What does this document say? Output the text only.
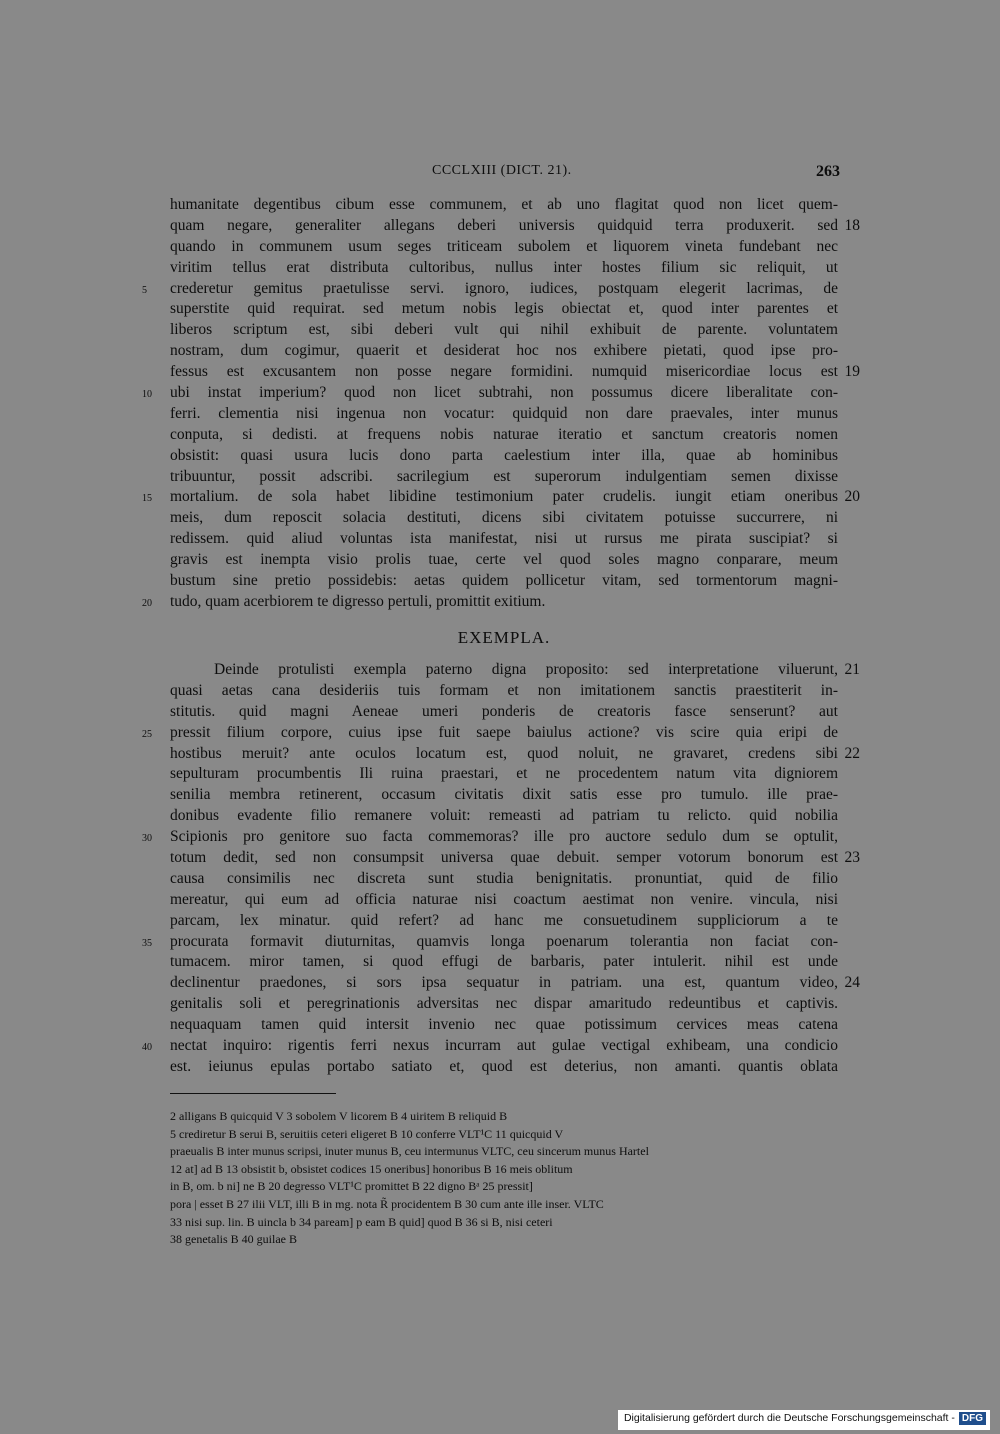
CCCLXIII (DICT. 21).	263
humanitate degentibus cibum esse communem, et ab uno flagitat quod non licet quem-
quam negare, generaliter allegans deberi universis quidquid terra produxerit. sed 18
quando in communem usum seges triticeam subolem et liquorem vineta fundebant nec
viritim tellus erat distributa cultoribus, nullus inter hostes filium sic reliquit, ut
crederetur gemitus praetulisse servi. ignoro, iudices, postquam elegerit lacrimas, de
5
superstite quid requirat. sed metum nobis legis obiectat et, quod inter parentes et
liberos scriptum est, sibi deberi vult qui nihil exhibuit de parente. voluntatem
nostram, dum cogimur, quaerit et desiderat hoc nos exhibere pietati, quod ipse pro-
fessus est excusantem non posse negare formidini. numquid misericordiae locus est 19
ubi instat imperium? quod non licet subtrahi, non possumus dicere liberalitate con-
10
ferri. clementia nisi ingenua non vocatur: quidquid non dare praevales, inter munus
conputa, si dedisti. at frequens nobis naturae iteratio et sanctum creatoris nomen
obsistit: quasi usura lucis dono parta caelestium inter illa, quae ab hominibus
tribuuntur, possit adscribi. sacrilegium est superorum indulgentiam semen dixisse
mortalium. de sola habet libidine testimonium pater crudelis. iungit etiam oneribus
15	20
meis, dum reposcit solacia destituti, dicens sibi civitatem potuisse succurrere, ni
redissem. quid aliud voluntas ista manifestat, nisi ut rursus me pirata suscipiat? si
gravis est inempta visio prolis tuae, certe vel quod soles magno conparare, meum
bustum sine pretio possidebis: aetas quidem pollicetur vitam, sed tormentorum magni-
tudo, quam acerbiorem te digresso pertuli, promittit exitium.
20
EXEMPLA.
Deinde protulisti exempla paterno digna proposito: sed interpretatione viluerunt, 21
quasi aetas cana desideriis tuis formam et non imitationem sanctis praestiterit in-
stitutis. quid magni Aeneae umeri ponderis de creatoris fasce senserunt? aut
pressit filium corpore, cuius ipse fuit saepe baiulus actione? vis scire quia eripi de
25
hostibus meruit? ante oculos locatum est, quod noluit, ne gravaret, credens sibi 22
sepulturam procumbentis Ili ruina praestari, et ne procedentem natum vita digniorem
senilia membra retinerent, occasum civitatis dixit satis esse pro tumulo. ille prae-
donibus evadente filio remanere voluit: remeasti ad patriam tu relicto. quid nobilia
Scipionis pro genitore suo facta commemoras? ille pro auctore sedulo dum se optulit,
30
totum dedit, sed non consumpsit universa quae debuit. semper votorum bonorum est 23
causa consimilis nec discreta sunt studia benignitatis. pronuntiat, quid de filio
mereatur, qui eum ad officia naturae nisi coactum aestimat non venire. vincula, nisi
parcam, lex minatur. quid refert? ad hanc me consuetudinem suppliciorum a te
procurata formavit diuturnitas, quamvis longa poenarum tolerantia non faciat con-
35
tumacem. miror tamen, si quod effugi de barbaris, pater intulerit. nihil est unde
declinentur praedones, si sors ipsa sequatur in patriam. una est, quantum video, 24
genitalis soli et peregrinationis adversitas nec dispar amaritudo redeuntibus et captivis.
nequaquam tamen quid intersit invenio nec quae potissimum cervices meas catena
nectat inquiro: rigentis ferri nexus incurram aut gulae vectigal exhibeam, una condicio
40
est. ieiunus epulas portabo satiato et, quod est deterius, non amanti. quantis oblata
2 alligans B quicquid V 3 sobolem V licorem B 4 uiritem B reliquid B
5 crediretur B serui B, seruitiis ceteri eligeret B 10 conferre VLT¹C 11 quicquid V
praeualis B inter munus scripsi, inuter munus B, ceu intermunus VLTC, ceu sincerum munus Hartel
12 at] ad B 13 obsistit b, obsistet codices 15 oneribus] honoribus B 16 meis oblitum
in B, om. b ni] ne B 20 degresso VLT¹C promittet B 22 digno Bᵃ 25 pressit]
pora | esset B 27 ilii VLT, illi B in mg. nota R̃ procidentem B 30 cum ante ille inser. VLTC
33 nisi sup. lin. B uincla b 34 paream] p eam B quid] quod B 36 si B, nisi ceteri
38 genetalis B 40 guilae B
Digitalisierung gefördert durch die Deutsche Forschungsgemeinschaft - DFG
